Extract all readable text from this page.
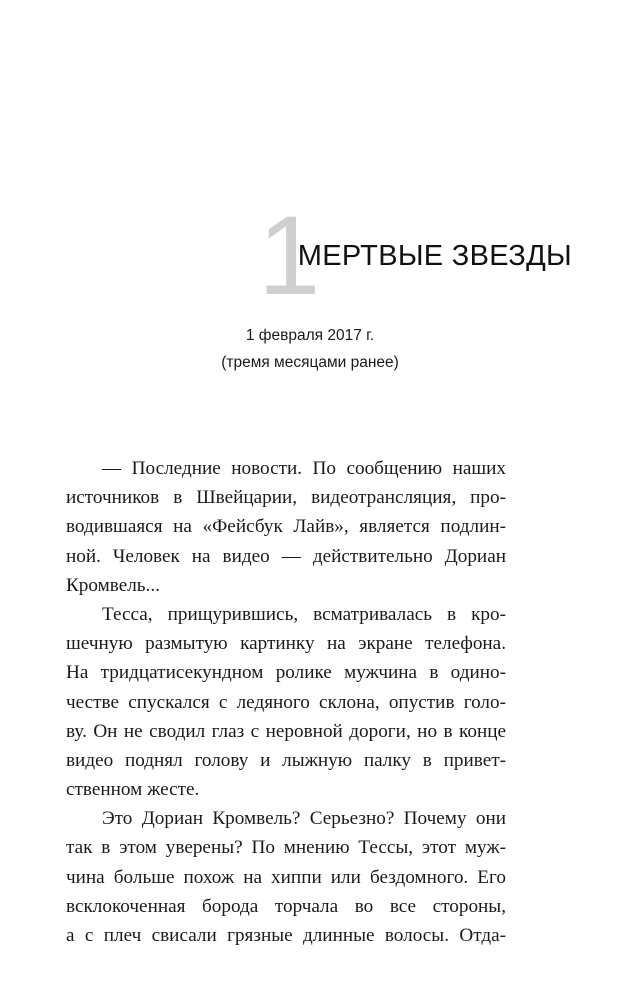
1
МЕРТВЫЕ ЗВЕЗДЫ
1 февраля 2017 г.
(тремя месяцами ранее)
— Последние новости. По сообщению наших
источников в Швейцарии, видеотрансляция, про-
водившаяся на «Фейсбук Лайв», является подлин-
ной. Человек на видео — действительно Дориан
Кромвель...
Тесса, прищурившись, всматривалась в кро-
шечную размытую картинку на экране телефона.
На тридцатисекундном ролике мужчина в одино-
честве спускался с ледяного склона, опустив голо-
ву. Он не сводил глаз с неровной дороги, но в конце
видео поднял голову и лыжную палку в привет-
ственном жесте.
Это Дориан Кромвель? Серьезно? Почему они
так в этом уверены? По мнению Тессы, этот муж-
чина больше похож на хиппи или бездомного. Его
всклокоченная борода торчала во все стороны,
а с плеч свисали грязные длинные волосы. Отда-
